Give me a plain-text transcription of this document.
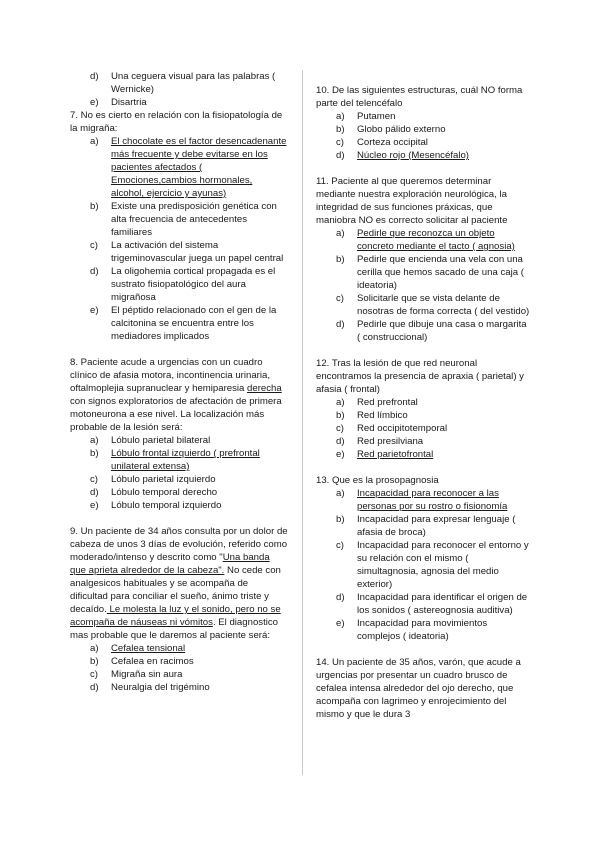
d)	Una ceguera visual para las palabras ( Wernicke)
e)	Disartria

7. No es cierto en relación con la fisiopatología de la migraña:

a)	El chocolate es el factor desencadenante más frecuente y debe evitarse en los pacientes afectados ( Emociones,cambios hormonales, alcohol, ejercicio y ayunas)
b)	Existe una predisposición genética con alta frecuencia de antecedentes familiares
c)	La activación del sistema trigeminovascular juega un papel central
d)	La oligohemia cortical propagada es el sustrato fisiopatológico del aura migrañosa
e)	El péptido relacionado con el gen de la calcitonina se encuentra entre los mediadores implicados

8. Paciente acude a urgencias con un cuadro clínico de afasia motora, incontinencia urinaria, oftalmoplejia supranuclear y hemiparesia derecha con signos exploratorios de afectación de primera motoneurona a ese nivel. La localización más probable de la lesión será:

a)	Lóbulo parietal bilateral
b)	Lóbulo frontal izquierdo ( prefrontal unilateral extensa)
c)	Lóbulo parietal izquierdo
d)	Lóbulo temporal derecho
e)	Lóbulo temporal izquierdo

9. Un paciente de 34 años consulta por un dolor de cabeza de unos 3 días de evolución, referido como moderado/intenso y descrito como "Una banda que aprieta alrededor de la cabeza". No cede con analgesicos habituales y se acompaña de dificultad para conciliar el sueño, ánimo triste y decaído. Le molesta la luz y el sonido, pero no se acompaña de náuseas ni vómitos. El diagnostico mas probable que le daremos al paciente será:

a)	Cefalea tensional
b)	Cefalea en racimos
c)	Migraña sin aura
d)	Neuralgia del trigémino

10. De las siguientes estructuras, cuál NO forma parte del telencéfalo

a)	Putamen
b)	Globo pálido externo
c)	Corteza occipital
d)	Núcleo rojo (Mesencéfalo)

11. Paciente al que queremos determinar mediante nuestra exploración neurológica, la integridad de sus funciones práxicas, que maniobra NO es correcto solicitar al paciente

a)	Pedirle que reconozca un objeto concreto mediante el tacto ( agnosia)
b)	Pedirle que encienda una vela con una cerilla que hemos sacado de una caja ( ideatoria)
c)	Solicitarle que se vista delante de nosotras de forma correcta ( del vestido)
d)	Pedirle que dibuje una casa o margarita ( construccional)

12. Tras la lesión de que red neuronal encontramos la presencia de apraxia ( parietal) y afasia ( frontal)

a)	Red prefrontal
b)	Red límbico
c)	Red occipitotemporal
d)	Red presilviana
e)	Red parietofrontal

13. Que es la prosopagnosia

a)	Incapacidad para reconocer a las personas por su rostro o fisionomía
b)	Incapacidad para expresar lenguaje ( afasia de broca)
c)	Incapacidad para reconocer el entorno y su relación con el mismo ( simultagnosia, agnosia del medio exterior)
d)	Incapacidad para identificar el origen de los sonidos ( astereognosia auditiva)
e)	Incapacidad para movimientos complejos ( ideatoria)

14. Un paciente de 35 años, varón, que acude a urgencias por presentar un cuadro brusco de cefalea intensa alrededor del ojo derecho, que acompaña con lagrimeo y enrojecimiento del mismo y que le dura 3
